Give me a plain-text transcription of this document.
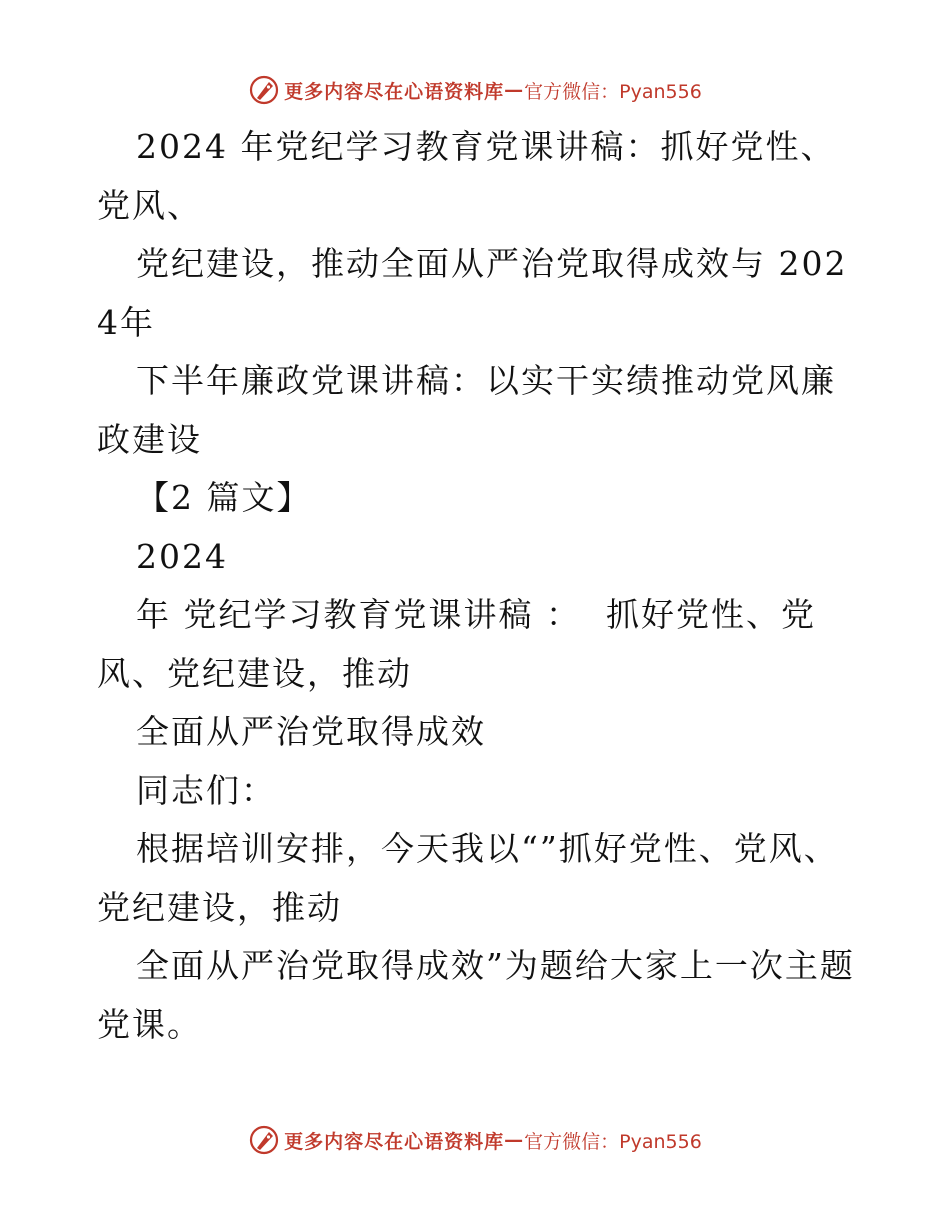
更多内容尽在心语资料库 — 官方微信：Pyan556

2024 年党纪学习教育党课讲稿：抓好党性、党风、

党纪建设，推动全面从严治党取得成效与 2024年

下半年廉政党课讲稿：以实干实绩推动党风廉政建设

【2 篇文】

2024

年 党纪学习教育党课讲稿 ：  抓好党性、党风、党纪建设，推动

全面从严治党取得成效

同志们：

根据培训安排，今天我以“”抓好党性、党风、党纪建设，推动

全面从严治党取得成效”为题给大家上一次主题党课。

更多内容尽在心语资料库 — 官方微信：Pyan556
